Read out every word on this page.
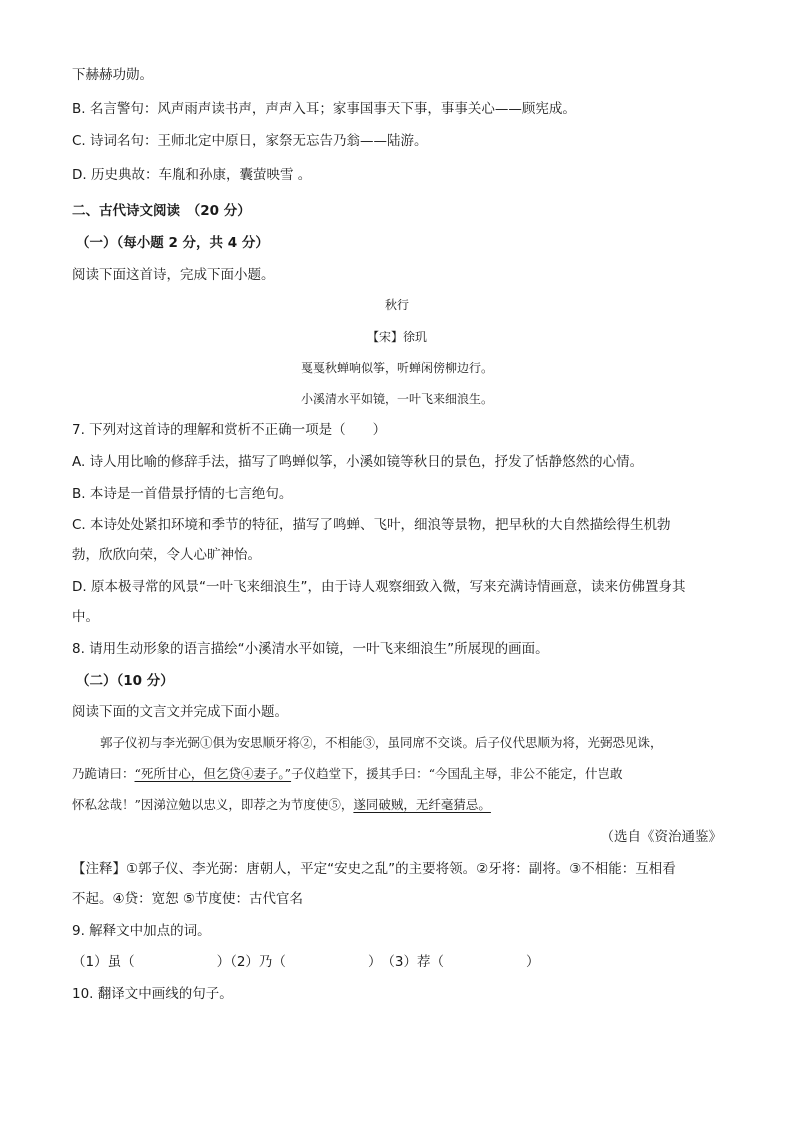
下赫赫功勋。
B. 名言警句：风声雨声读书声，声声入耳；家事国事天下事，事事关心——顾宪成。
C. 诗词名句：王师北定中原日，家祭无忘告乃翁——陆游。
D. 历史典故：车胤和孙康，囊萤映雪 。
二、古代诗文阅读　（20 分）
（一）（每小题 2 分，共 4 分）
阅读下面这首诗，完成下面小题。
秋行
【宋】徐玑
戛戛秋蝉响似筝，听蝉闲傍柳边行。
小溪清水平如镜，一叶飞来细浪生。
7. 下列对这首诗的理解和赏析不正确一项是（　　）
A. 诗人用比喻的修辞手法，描写了鸣蝉似筝，小溪如镜等秋日的景色，抒发了恬静悠然的心情。
B. 本诗是一首借景抒情的七言绝句。
C. 本诗处处紧扣环境和季节的特征，描写了鸣蝉、飞叶，细浪等景物，把早秋的大自然描绘得生机勃
勃，欣欣向荣，令人心旷神怡。
D. 原本极寻常的风景“一叶飞来细浪生”，由于诗人观察细致入微，写来充满诗情画意，读来仿佛置身其
中。
8. 请用生动形象的语言描绘“小溪清水平如镜，一叶飞来细浪生”所展现的画面。
（二）（10 分）
阅读下面的文言文并完成下面小题。
郭子仪初与李光弼①俱为安思顺牙将②，不相能③，虽同席不交谈。后子仪代思顺为将，光弼恐见诛，
乃跪请曰：“死所甘心，但乞贷④妻子。”子仪趋堂下，援其手曰：“今国乱主辱，非公不能定，什岂敢
怀私忿哉！”因涕泣勉以忠义，即荐之为节度使⑤，遂同破贼，无纤毫猜忌。
（选自《资治通鉴》
【注释】①郭子仪、李光弼：唐朝人，平定“安史之乱”的主要将领。②牙将：副将。③不相能：互相看
不起。④贷：宽恕 ⑤节度使：古代官名
9. 解释文中加点的词。
（1）虽（	）（2）乃（	）　（3）荐（	）
10. 翻译文中画线的句子。
